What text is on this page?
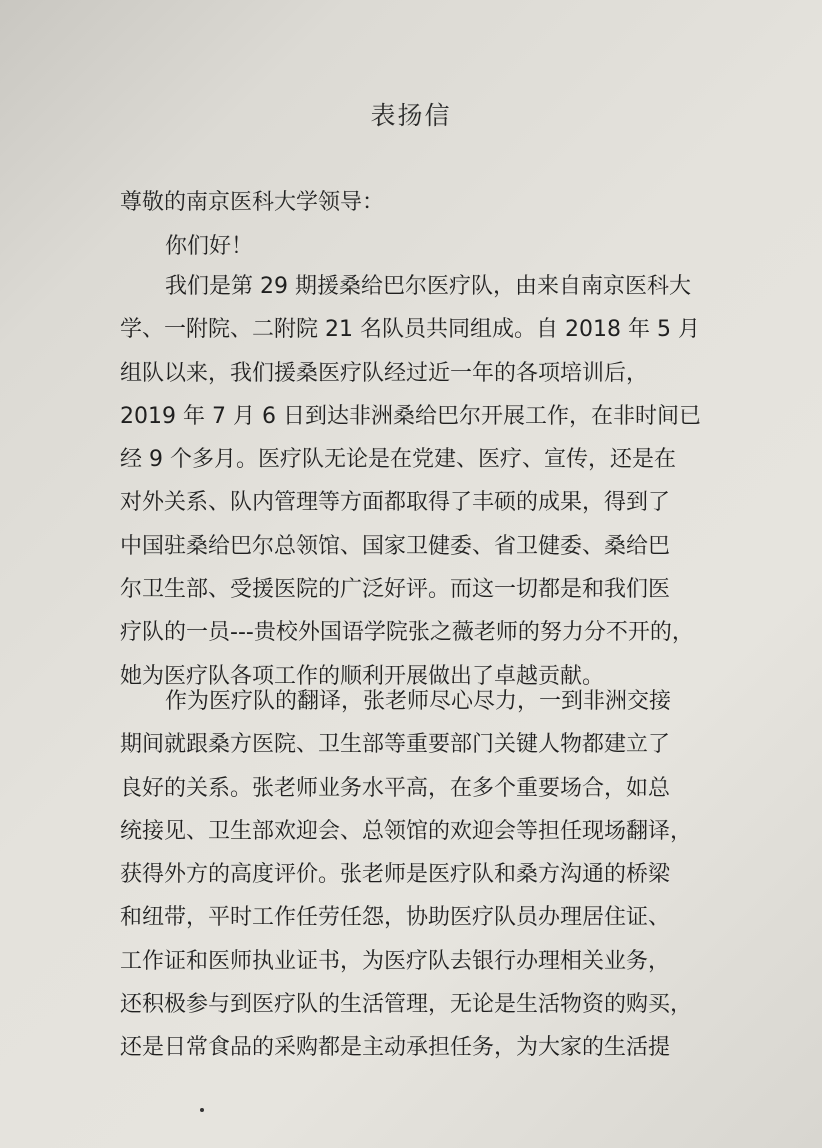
表扬信
尊敬的南京医科大学领导：
你们好！
我们是第 29 期援桑给巴尔医疗队，由来自南京医科大
学、一附院、二附院 21 名队员共同组成。自 2018 年 5 月
组队以来，我们援桑医疗队经过近一年的各项培训后，
2019 年 7 月 6 日到达非洲桑给巴尔开展工作，在非时间已
经 9 个多月。医疗队无论是在党建、医疗、宣传，还是在
对外关系、队内管理等方面都取得了丰硕的成果，得到了
中国驻桑给巴尔总领馆、国家卫健委、省卫健委、桑给巴
尔卫生部、受援医院的广泛好评。而这一切都是和我们医
疗队的一员---贵校外国语学院张之薇老师的努力分不开的，
她为医疗队各项工作的顺利开展做出了卓越贡献。
作为医疗队的翻译，张老师尽心尽力，一到非洲交接
期间就跟桑方医院、卫生部等重要部门关键人物都建立了
良好的关系。张老师业务水平高，在多个重要场合，如总
统接见、卫生部欢迎会、总领馆的欢迎会等担任现场翻译，
获得外方的高度评价。张老师是医疗队和桑方沟通的桥梁
和纽带，平时工作任劳任怨，协助医疗队员办理居住证、
工作证和医师执业证书，为医疗队去银行办理相关业务，
还积极参与到医疗队的生活管理，无论是生活物资的购买，
还是日常食品的采购都是主动承担任务，为大家的生活提
